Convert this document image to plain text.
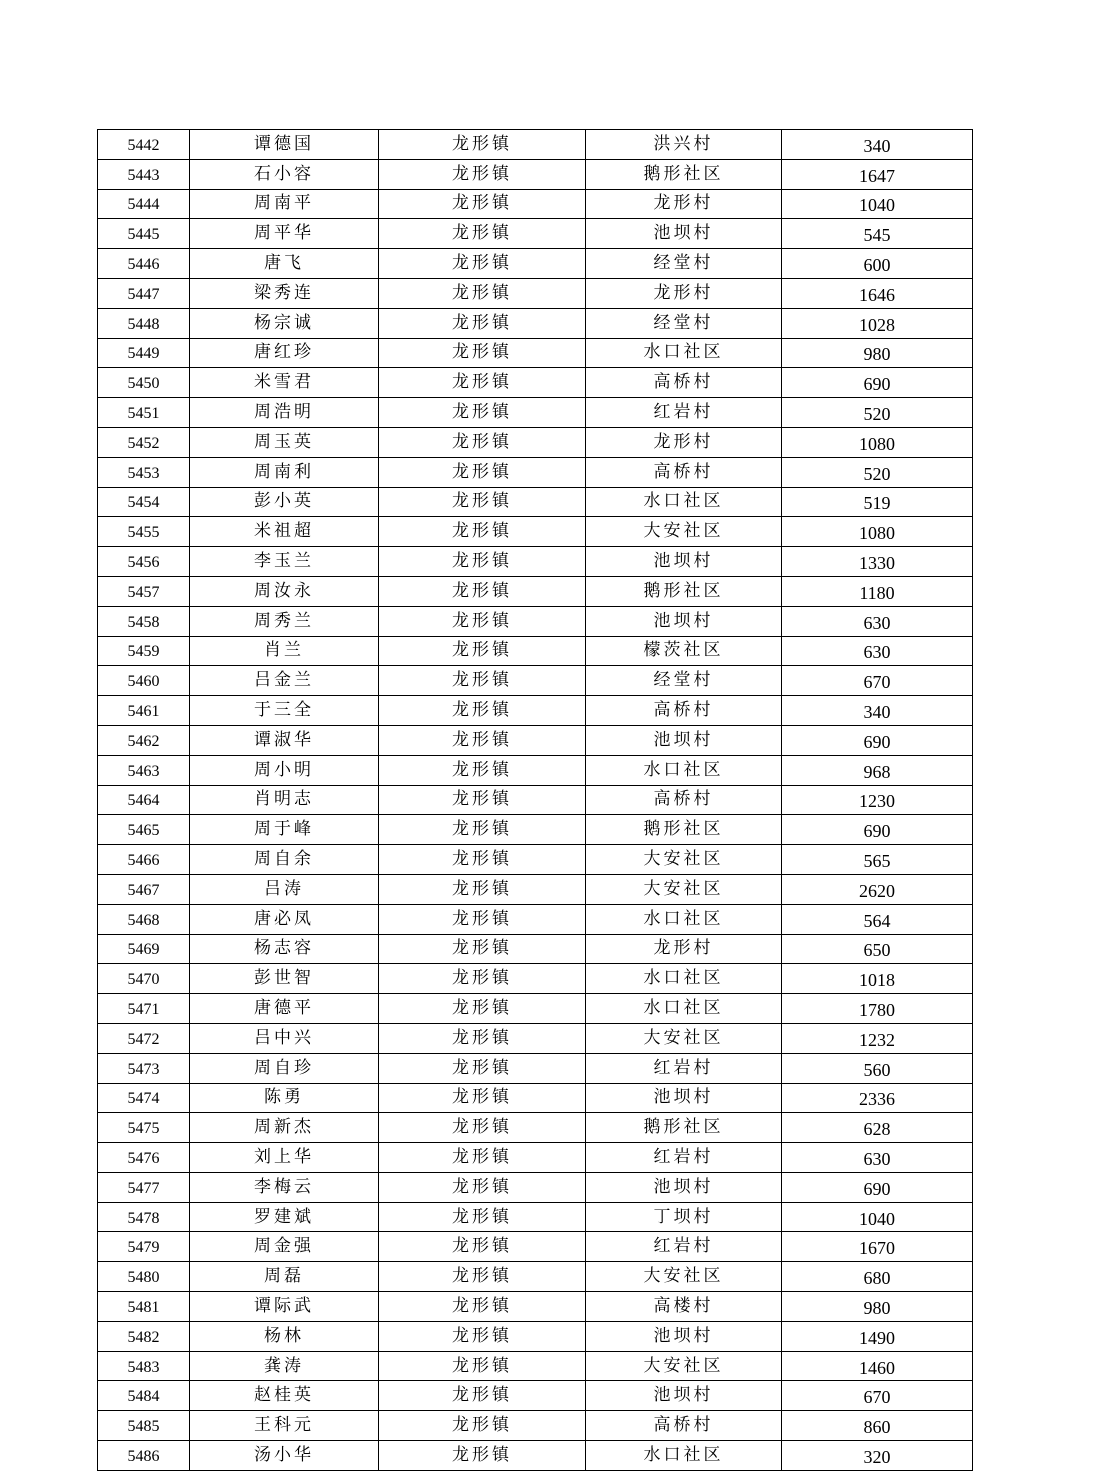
5442	谭德国	龙形镇	洪兴村	340
5443	石小容	龙形镇	鹅形社区	1647
5444	周南平	龙形镇	龙形村	1040
5445	周平华	龙形镇	池坝村	545
5446	唐飞	龙形镇	经堂村	600
5447	梁秀连	龙形镇	龙形村	1646
5448	杨宗诚	龙形镇	经堂村	1028
5449	唐红珍	龙形镇	水口社区	980
5450	米雪君	龙形镇	高桥村	690
5451	周浩明	龙形镇	红岩村	520
5452	周玉英	龙形镇	龙形村	1080
5453	周南利	龙形镇	高桥村	520
5454	彭小英	龙形镇	水口社区	519
5455	米祖超	龙形镇	大安社区	1080
5456	李玉兰	龙形镇	池坝村	1330
5457	周汝永	龙形镇	鹅形社区	1180
5458	周秀兰	龙形镇	池坝村	630
5459	肖兰	龙形镇	檬茨社区	630
5460	吕金兰	龙形镇	经堂村	670
5461	于三全	龙形镇	高桥村	340
5462	谭淑华	龙形镇	池坝村	690
5463	周小明	龙形镇	水口社区	968
5464	肖明志	龙形镇	高桥村	1230
5465	周于峰	龙形镇	鹅形社区	690
5466	周自余	龙形镇	大安社区	565
5467	吕涛	龙形镇	大安社区	2620
5468	唐必凤	龙形镇	水口社区	564
5469	杨志容	龙形镇	龙形村	650
5470	彭世智	龙形镇	水口社区	1018
5471	唐德平	龙形镇	水口社区	1780
5472	吕中兴	龙形镇	大安社区	1232
5473	周自珍	龙形镇	红岩村	560
5474	陈勇	龙形镇	池坝村	2336
5475	周新杰	龙形镇	鹅形社区	628
5476	刘上华	龙形镇	红岩村	630
5477	李梅云	龙形镇	池坝村	690
5478	罗建斌	龙形镇	丁坝村	1040
5479	周金强	龙形镇	红岩村	1670
5480	周磊	龙形镇	大安社区	680
5481	谭际武	龙形镇	高楼村	980
5482	杨林	龙形镇	池坝村	1490
5483	龚涛	龙形镇	大安社区	1460
5484	赵桂英	龙形镇	池坝村	670
5485	王科元	龙形镇	高桥村	860
5486	汤小华	龙形镇	水口社区	320
